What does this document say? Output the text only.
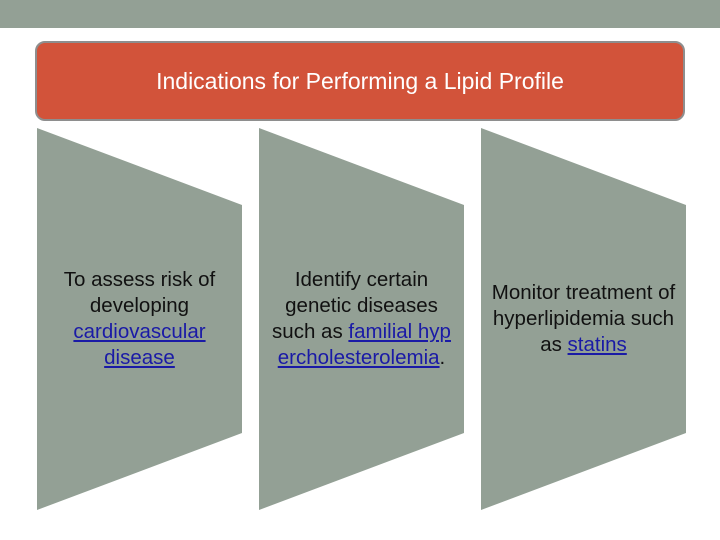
Indications for Performing a Lipid Profile
To assess risk of developing cardiovascular disease
Identify certain genetic diseases such as familial hypercholesterolemia.
Monitor treatment of hyperlipidemia such as statins
